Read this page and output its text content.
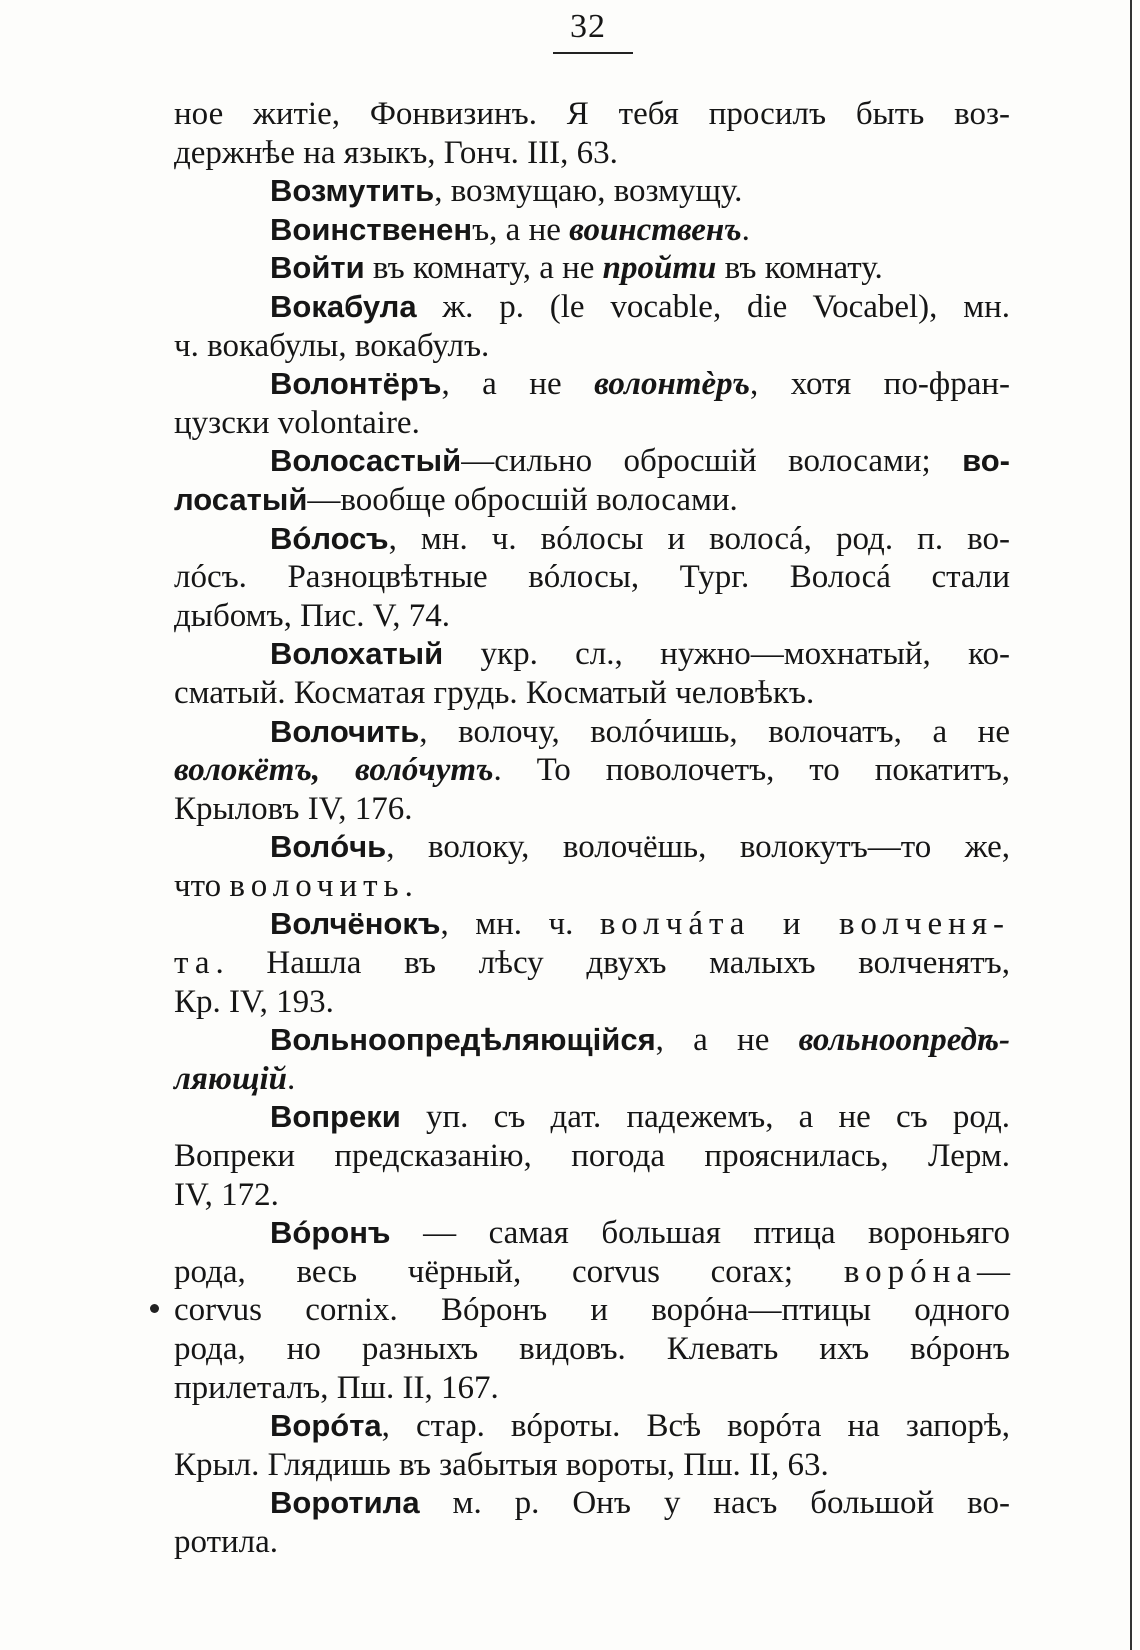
32
ное житіе, Фонвизинъ. Я тебя просилъ быть воз-
держнѣе на языкъ, Гонч. III, 63.
Возмутить, возмущаю, возмущу.
Воинствененъ, а не воинственъ.
Войти въ комнату, а не пройти въ комнату.
Вокабула ж. р. (le vocable, die Vocabel), мн.
ч. вокабулы, вокабулъ.
Волонтёръ, а не волонтѐръ, хотя по-фран-
цузски volontaire.
Волосастый—сильно оброcшій волосами; во-
лосатый—вообще обросшій волосами.
Вóлосъ, мн. ч. вóлосы и волосá, род. п. во-
лóсъ. Разноцвѣтные вóлосы, Тург. Волосá стали
дыбомъ, Пис. V, 74.
Волохатый укр. сл., нужно—мохнатый, ко-
сматый. Косматая грудь. Косматый человѣкъ.
Волочить, волочу, волóчишь, волочатъ, а не
волокётъ, волóчутъ. То поволочетъ, то покатитъ,
Крыловъ IV, 176.
Волóчь, волоку, волочёшь, волокутъ—то же,
что волочить.
Волчёнокъ, мн. ч. волчáта и волченя-
та. Нашла въ лѣсу двухъ малыхъ волченятъ,
Кр. IV, 193.
Вольноопредѣляющійся, а не вольноопредѣ-
ляющій.
Вопреки уп. съ дат. падежемъ, а не съ род.
Вопреки предсказанію, погода прояснилась, Лерм.
IV, 172.
Вóронъ — самая большая птица вороньяго
рода, весь чёрный, corvus corax; ворóна—
corvus cornix. Вóронъ и ворóна—птицы одного
рода, но разныхъ видовъ. Клевать ихъ вóронъ
прилеталъ, Пш. II, 167.
Ворóта, стар. вóроты. Всѣ ворóта на запорѣ,
Крыл. Глядишь въ забытыя вороты, Пш. II, 63.
Воротила м. р. Онъ у насъ большой во-
ротила.
